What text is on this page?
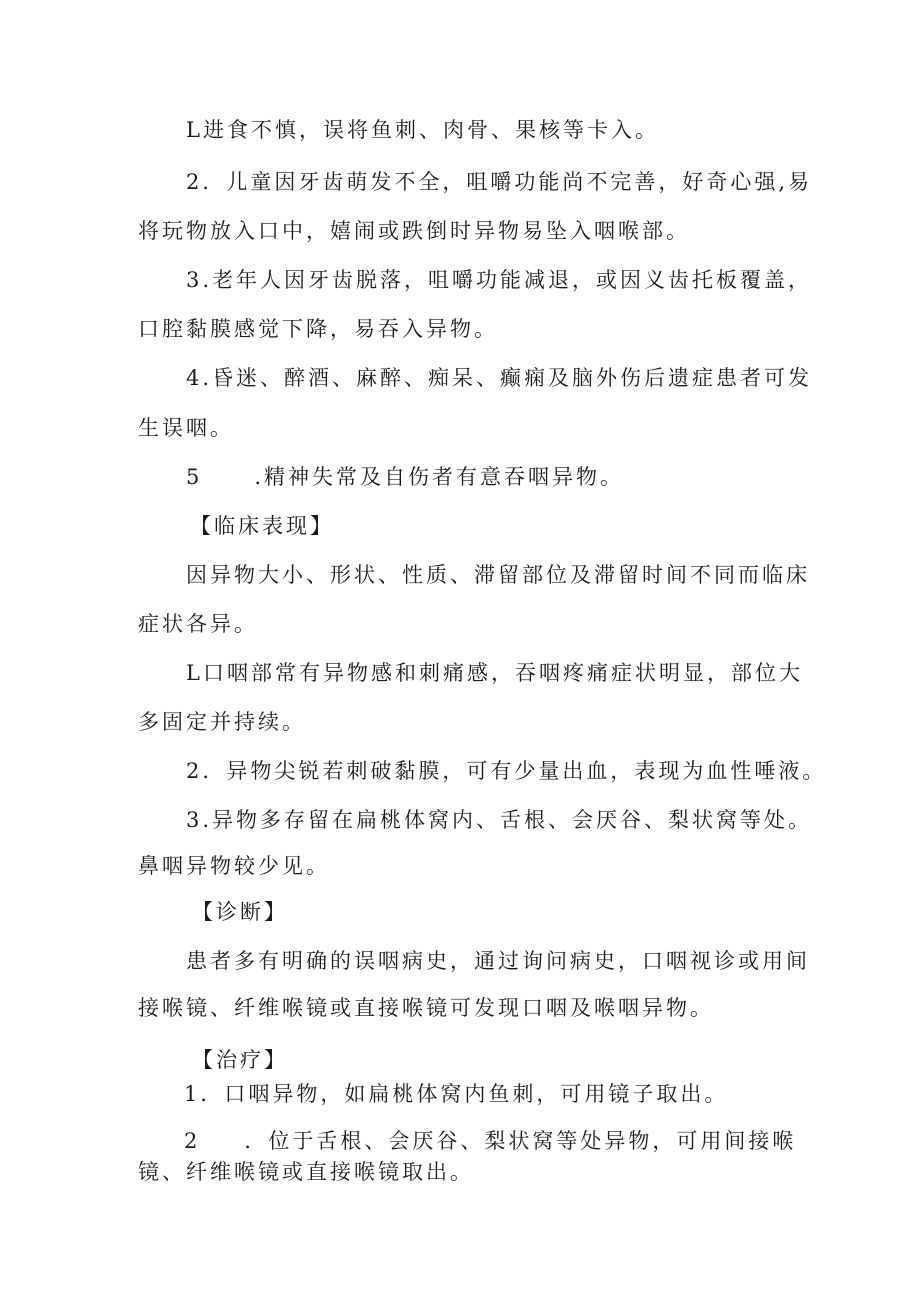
L进食不慎，误将鱼刺、肉骨、果核等卡入。
2．儿童因牙齿萌发不全，咀嚼功能尚不完善，好奇心强,易
将玩物放入口中，嬉闹或跌倒时异物易坠入咽喉部。
3.老年人因牙齿脱落，咀嚼功能减退，或因义齿托板覆盖，
口腔黏膜感觉下降，易吞入异物。
4.昏迷、醉酒、麻醉、痴呆、癫痫及脑外伤后遗症患者可发
生误咽。
5 .精神失常及自伤者有意吞咽异物。
【临床表现】
因异物大小、形状、性质、滞留部位及滞留时间不同而临床
症状各异。
L口咽部常有异物感和刺痛感，吞咽疼痛症状明显，部位大
多固定并持续。
2．异物尖锐若刺破黏膜，可有少量出血，表现为血性唾液。
3.异物多存留在扁桃体窝内、舌根、会厌谷、梨状窝等处。
鼻咽异物较少见。
【诊断】
患者多有明确的误咽病史，通过询问病史，口咽视诊或用间
接喉镜、纤维喉镜或直接喉镜可发现口咽及喉咽异物。
【治疗】
1．口咽异物，如扁桃体窝内鱼刺，可用镜子取出。
2 ．位于舌根、会厌谷、梨状窝等处异物，可用间接喉
镜、纤维喉镜或直接喉镜取出。
